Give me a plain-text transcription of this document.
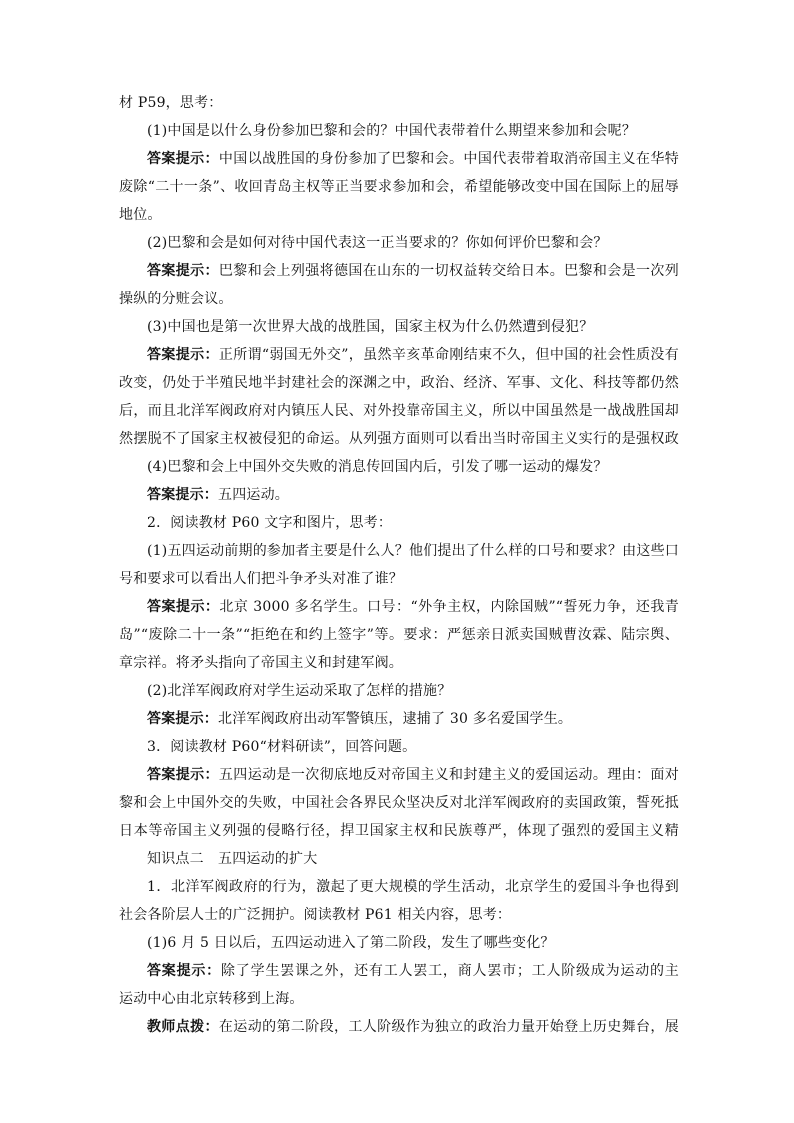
材 P59，思考：
(1)中国是以什么身份参加巴黎和会的？中国代表带着什么期望来参加和会呢？
答案提示：中国以战胜国的身份参加了巴黎和会。中国代表带着取消帝国主义在华特
废除“二十一条”、收回青岛主权等正当要求参加和会，希望能够改变中国在国际上的屈辱
地位。
(2)巴黎和会是如何对待中国代表这一正当要求的？你如何评价巴黎和会？
答案提示：巴黎和会上列强将德国在山东的一切权益转交给日本。巴黎和会是一次列
操纵的分赃会议。
(3)中国也是第一次世界大战的战胜国，国家主权为什么仍然遭到侵犯？
答案提示：正所谓“弱国无外交”，虽然辛亥革命刚结束不久，但中国的社会性质没有
改变，仍处于半殖民地半封建社会的深渊之中，政治、经济、军事、文化、科技等都仍然
后，而且北洋军阀政府对内镇压人民、对外投靠帝国主义，所以中国虽然是一战战胜国却
然摆脱不了国家主权被侵犯的命运。从列强方面则可以看出当时帝国主义实行的是强权政
(4)巴黎和会上中国外交失败的消息传回国内后，引发了哪一运动的爆发？
答案提示：五四运动。
2．阅读教材 P60 文字和图片，思考：
(1)五四运动前期的参加者主要是什么人？他们提出了什么样的口号和要求？由这些口
号和要求可以看出人们把斗争矛头对准了谁？
答案提示：北京 3000 多名学生。口号：“外争主权，内除国贼”“誓死力争，还我青
岛”“废除二十一条”“拒绝在和约上签字”等。要求：严惩亲日派卖国贼曹汝霖、陆宗舆、
章宗祥。将矛头指向了帝国主义和封建军阀。
(2)北洋军阀政府对学生运动采取了怎样的措施？
答案提示：北洋军阀政府出动军警镇压，逮捕了 30 多名爱国学生。
3．阅读教材 P60“材料研读”，回答问题。
答案提示：五四运动是一次彻底地反对帝国主义和封建主义的爱国运动。理由：面对
黎和会上中国外交的失败，中国社会各界民众坚决反对北洋军阀政府的卖国政策，誓死抵
日本等帝国主义列强的侵略行径，捍卫国家主权和民族尊严，体现了强烈的爱国主义精
知识点二　五四运动的扩大
1．北洋军阀政府的行为，激起了更大规模的学生活动，北京学生的爱国斗争也得到
社会各阶层人士的广泛拥护。阅读教材 P61 相关内容，思考：
(1)6 月 5 日以后，五四运动进入了第二阶段，发生了哪些变化？
答案提示：除了学生罢课之外，还有工人罢工，商人罢市；工人阶级成为运动的主
运动中心由北京转移到上海。
教师点拨：在运动的第二阶段，工人阶级作为独立的政治力量开始登上历史舞台，展
